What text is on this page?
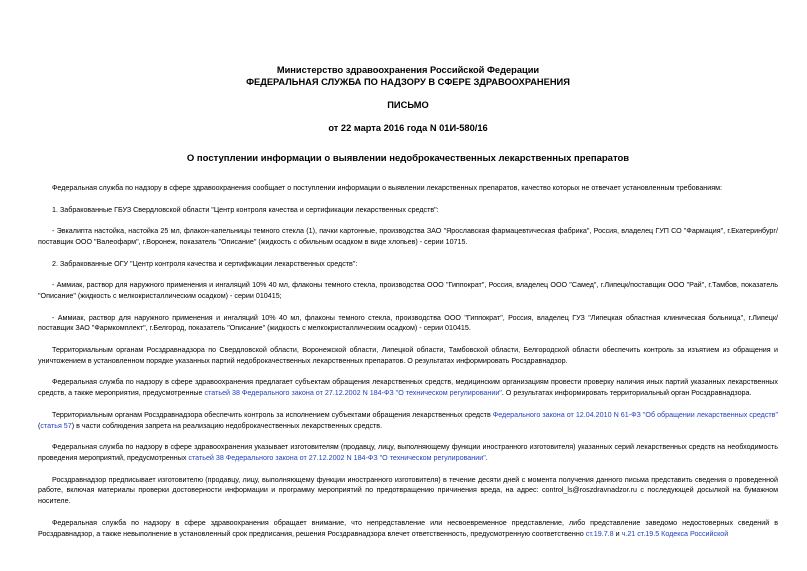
Министерство здравоохранения Российской Федерации
ФЕДЕРАЛЬНАЯ СЛУЖБА ПО НАДЗОРУ В СФЕРЕ ЗДРАВООХРАНЕНИЯ
ПИСЬМО
от 22 марта 2016 года N 01И-580/16
О поступлении информации о выявлении недоброкачественных лекарственных препаратов

Федеральная служба по надзору в сфере здравоохранения сообщает о поступлении информации о выявлении лекарственных препаратов, качество которых не отвечает установленным требованиям:

1. Забракованные ГБУЗ Свердловской области "Центр контроля качества и сертификации лекарственных средств":

- Эвкалипта настойка, настойка 25 мл, флакон-капельницы темного стекла (1), пачки картонные, производства ЗАО "Ярославская фармацевтическая фабрика", Россия, владелец ГУП СО "Фармация", г.Екатеринбург/поставщик ООО "Валеофарм", г.Воронеж, показатель "Описание" (жидкость с обильным осадком в виде хлопьев) - серии 10715.

2. Забракованные ОГУ "Центр контроля качества и сертификации лекарственных средств":

- Аммиак, раствор для наружного применения и ингаляций 10% 40 мл, флаконы темного стекла, производства ООО "Гиппократ", Россия, владелец ООО "Самед", г.Липецк/поставщик ООО "Рай", г.Тамбов, показатель "Описание" (жидкость с мелкокристаллическим осадком) - серии 010415;

- Аммиак, раствор для наружного применения и ингаляций 10% 40 мл, флаконы темного стекла, производства ООО "Гиппократ", Россия, владелец ГУЗ "Липецкая областная клиническая больница", г.Липецк/поставщик ЗАО "Фармкомплект", г.Белгород, показатель "Описание" (жидкость с мелкокристаллическим осадком) - серии 010415.

Территориальным органам Росздравнадзора по Свердловской области, Воронежской области, Липецкой области, Тамбовской области, Белгородской области обеспечить контроль за изъятием из обращения и уничтожением в установленном порядке указанных партий недоброкачественных лекарственных препаратов. О результатах информировать Росздравнадзор.

Федеральная служба по надзору в сфере здравоохранения предлагает субъектам обращения лекарственных средств, медицинским организациям провести проверку наличия иных партий указанных лекарственных средств, а также мероприятия, предусмотренные статьей 38 Федерального закона от 27.12.2002 N 184-ФЗ "О техническом регулировании". О результатах информировать территориальный орган Росздравнадзора.

Территориальным органам Росздравнадзора обеспечить контроль за исполнением субъектами обращения лекарственных средств Федерального закона от 12.04.2010 N 61-ФЗ "Об обращении лекарственных средств" (статья 57) в части соблюдения запрета на реализацию недоброкачественных лекарственных средств.

Федеральная служба по надзору в сфере здравоохранения указывает изготовителям (продавцу, лицу, выполняющему функции иностранного изготовителя) указанных серий лекарственных средств на необходимость проведения мероприятий, предусмотренных статьей 38 Федерального закона от 27.12.2002 N 184-ФЗ "О техническом регулировании".

Росздравнадзор предписывает изготовителю (продавцу, лицу, выполняющему функции иностранного изготовителя) в течение десяти дней с момента получения данного письма представить сведения о проведенной работе, включая материалы проверки достоверности информации и программу мероприятий по предотвращению причинения вреда, на адрес: control_ls@roszdravnadzor.ru с последующей досылкой на бумажном носителе.

Федеральная служба по надзору в сфере здравоохранения обращает внимание, что непредставление или несвоевременное представление, либо представление заведомо недостоверных сведений в Росздравнадзор, а также невыполнение в установленный срок предписания, решения Росздравнадзора влечет ответственность, предусмотренную соответственно ст.19.7.8 и ч.21 ст.19.5 Кодекса Российской
